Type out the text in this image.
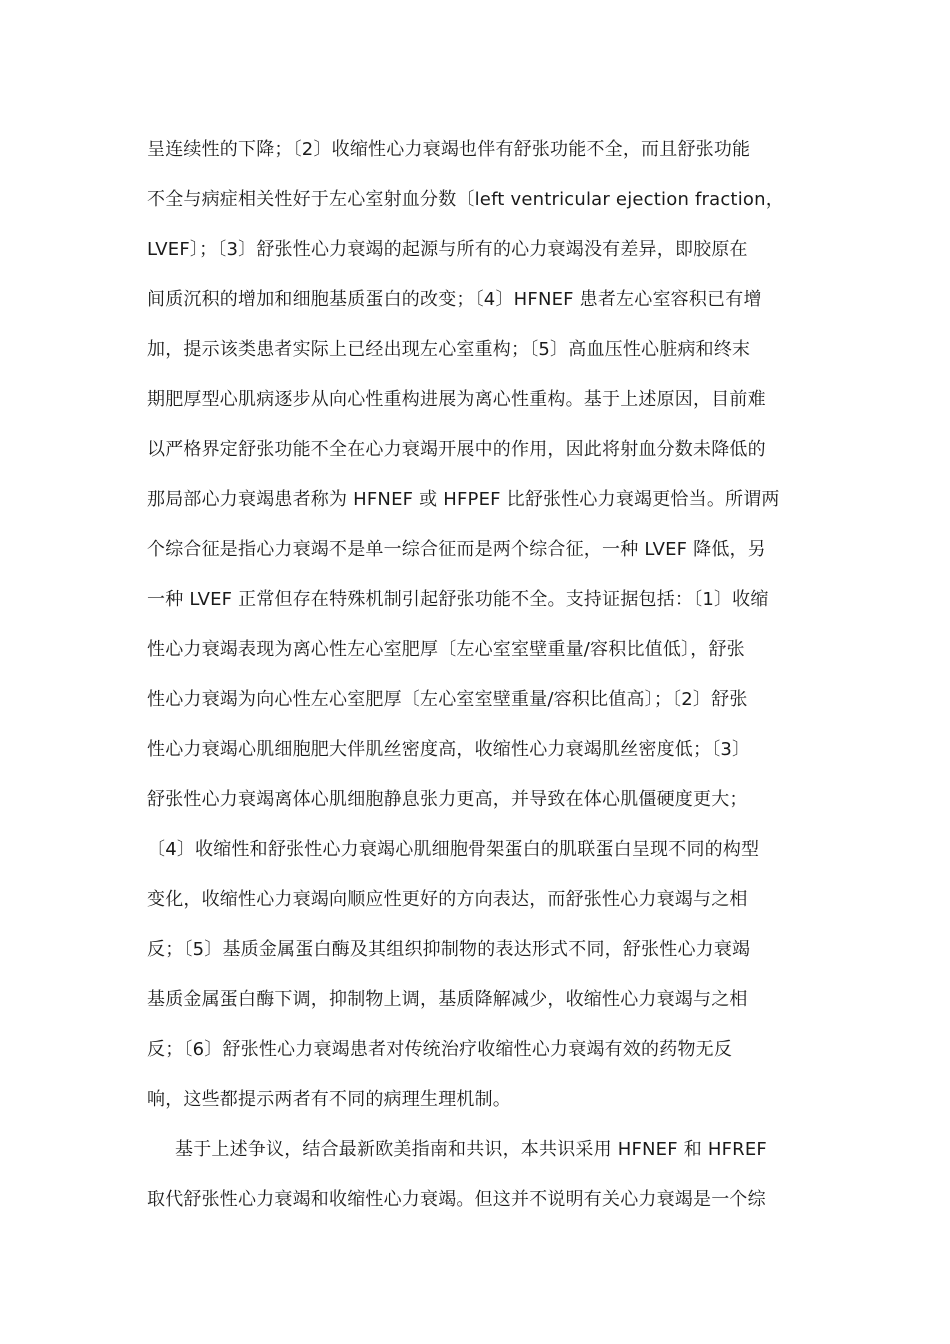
呈连续性的下降；〔2〕收缩性心力衰竭也伴有舒张功能不全，而且舒张功能
不全与病症相关性好于左心室射血分数〔left ventricular ejection fraction，
LVEF〕；〔3〕舒张性心力衰竭的起源与所有的心力衰竭没有差异，即胶原在
间质沉积的增加和细胞基质蛋白的改变；〔4〕HFNEF 患者左心室容积已有增
加，提示该类患者实际上已经出现左心室重构；〔5〕高血压性心脏病和终末
期肥厚型心肌病逐步从向心性重构进展为离心性重构。基于上述原因，目前难
以严格界定舒张功能不全在心力衰竭开展中的作用，因此将射血分数未降低的
那局部心力衰竭患者称为 HFNEF 或 HFPEF 比舒张性心力衰竭更恰当。所谓两
个综合征是指心力衰竭不是单一综合征而是两个综合征，一种 LVEF 降低，另
一种 LVEF 正常但存在特殊机制引起舒张功能不全。支持证据包括：〔1〕收缩
性心力衰竭表现为离心性左心室肥厚〔左心室室壁重量/容积比值低〕，舒张
性心力衰竭为向心性左心室肥厚〔左心室室壁重量/容积比值高〕；〔2〕舒张
性心力衰竭心肌细胞肥大伴肌丝密度高，收缩性心力衰竭肌丝密度低；〔3〕
舒张性心力衰竭离体心肌细胞静息张力更高，并导致在体心肌僵硬度更大；
〔4〕收缩性和舒张性心力衰竭心肌细胞骨架蛋白的肌联蛋白呈现不同的构型
变化，收缩性心力衰竭向顺应性更好的方向表达，而舒张性心力衰竭与之相
反；〔5〕基质金属蛋白酶及其组织抑制物的表达形式不同，舒张性心力衰竭
基质金属蛋白酶下调，抑制物上调，基质降解减少，收缩性心力衰竭与之相
反；〔6〕舒张性心力衰竭患者对传统治疗收缩性心力衰竭有效的药物无反
响，这些都提示两者有不同的病理生理机制。
基于上述争议，结合最新欧美指南和共识，本共识采用 HFNEF 和 HFREF
取代舒张性心力衰竭和收缩性心力衰竭。但这并不说明有关心力衰竭是一个综
